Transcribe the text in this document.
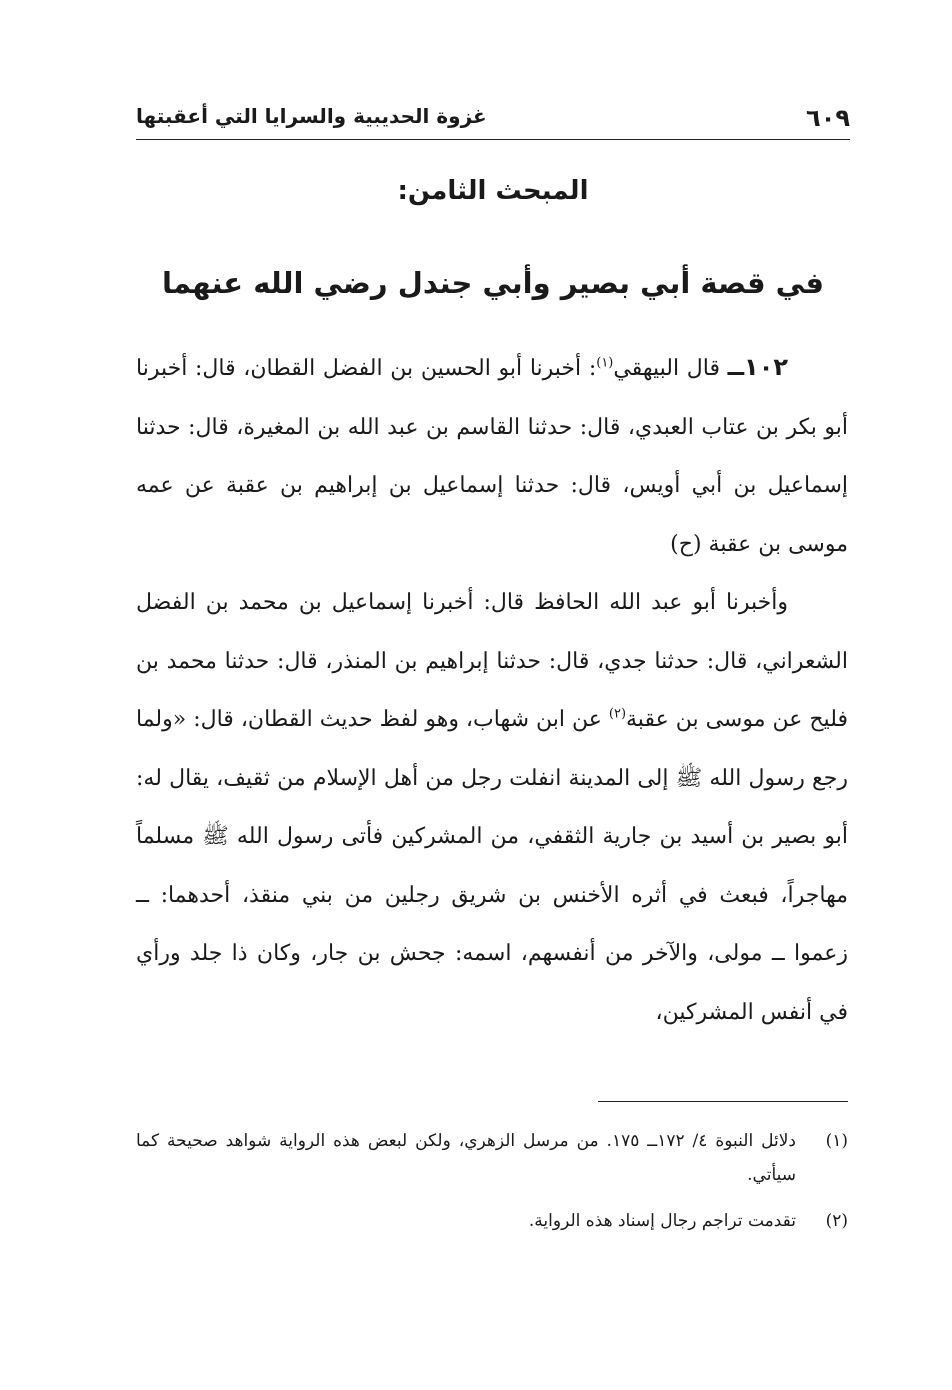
٦٠٩
غزوة الحديبية والسرايا التي أعقبتها
المبحث الثامن:
في قصة أبي بصير وأبي جندل رضي الله عنهما

١٠٢ــ قال البيهقي$^{(١)}$: أخبرنا أبو الحسين بن الفضل القطان، قال: أخبرنا أبو بكر بن عتاب العبدي، قال: حدثنا القاسم بن عبد الله بن المغيرة، قال: حدثنا إسماعيل بن أبي أويس، قال: حدثنا إسماعيل بن إبراهيم بن عقبة عن عمه موسى بن عقبة (ح)

وأخبرنا أبو عبد الله الحافظ قال: أخبرنا إسماعيل بن محمد بن الفضل الشعراني، قال: حدثنا جدي، قال: حدثنا إبراهيم بن المنذر، قال: حدثنا محمد بن فليح عن موسى بن عقبة$^{(٢)}$ عن ابن شهاب، وهو لفظ حديث القطان، قال: «ولما رجع رسول الله ﷺ إلى المدينة انفلت رجل من أهل الإسلام من ثقيف، يقال له: أبو بصير بن أسيد بن جارية الثقفي، من المشركين فأتى رسول الله ﷺ مسلماً مهاجراً، فبعث في أثره الأخنس بن شريق رجلين من بني منقذ، أحدهما: ــ زعموا ــ مولى، والآخر من أنفسهم، اسمه: جحش بن جار، وكان ذا جلد ورأي في أنفس المشركين،

(١)
دلائل النبوة ٤/ ١٧٢ــ ١٧٥. من مرسل الزهري، ولكن لبعض هذه الرواية شواهد صحيحة كما سيأتي.
(٢)
تقدمت تراجم رجال إسناد هذه الرواية.
